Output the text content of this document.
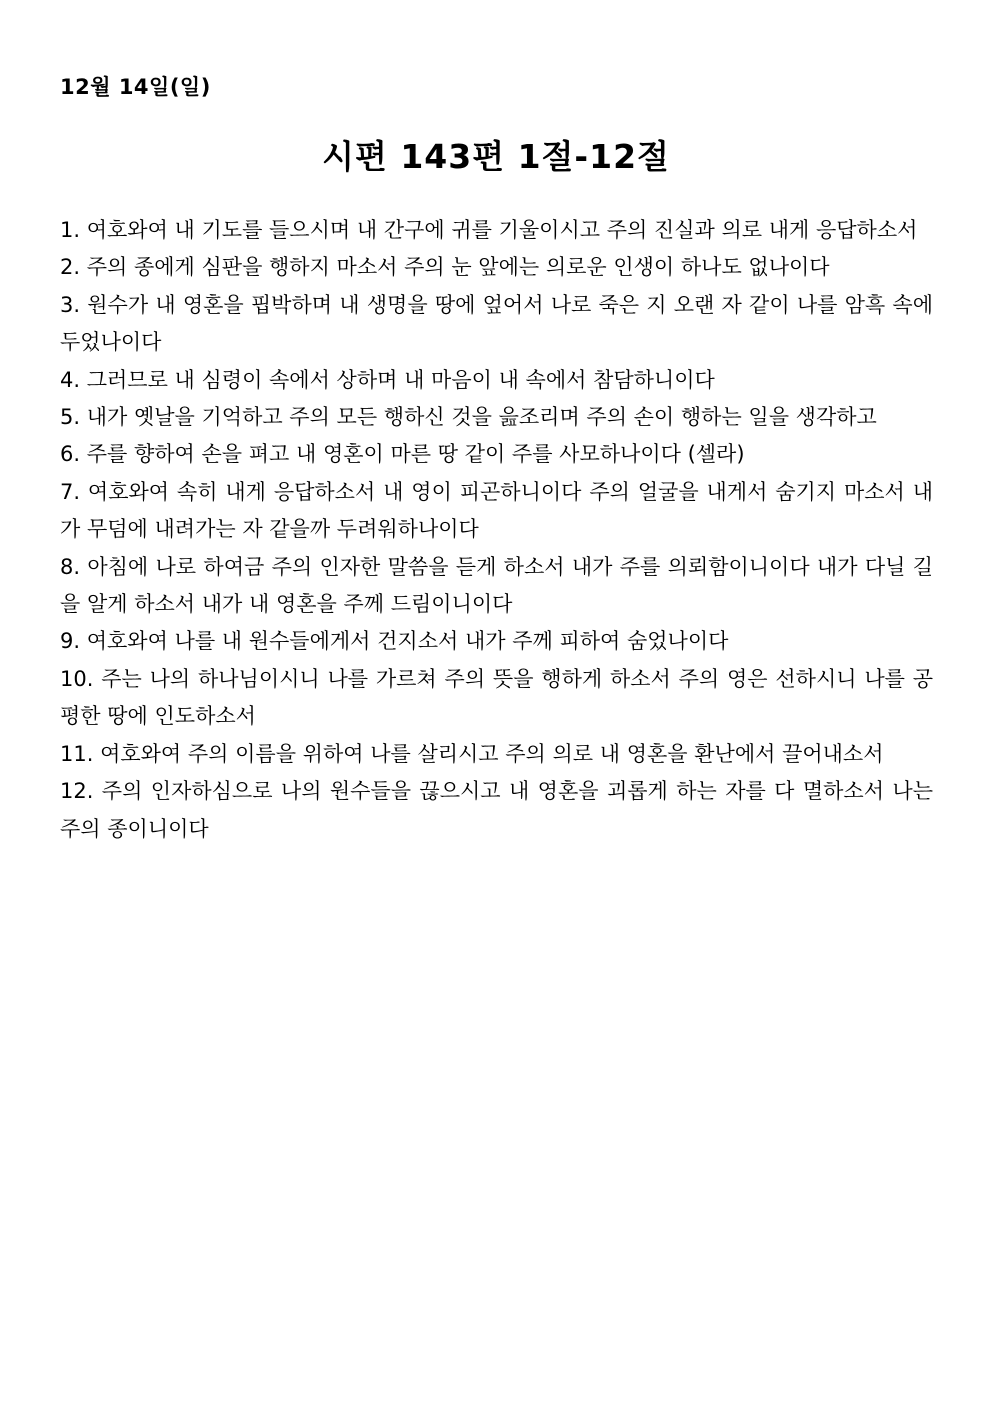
12월 14일(일)
시편 143편 1절-12절

1. 여호와여 내 기도를 들으시며 내 간구에 귀를 기울이시고 주의 진실과 의로 내게 응답하소서

2. 주의 종에게 심판을 행하지 마소서 주의 눈 앞에는 의로운 인생이 하나도 없나이다

3. 원수가 내 영혼을 핍박하며 내 생명을 땅에 엎어서 나로 죽은 지 오랜 자 같이 나를 암흑 속에 두었나이다

4. 그러므로 내 심령이 속에서 상하며 내 마음이 내 속에서 참담하니이다

5. 내가 옛날을 기억하고 주의 모든 행하신 것을 읊조리며 주의 손이 행하는 일을 생각하고

6. 주를 향하여 손을 펴고 내 영혼이 마른 땅 같이 주를 사모하나이다 (셀라)

7. 여호와여 속히 내게 응답하소서 내 영이 피곤하니이다 주의 얼굴을 내게서 숨기지 마소서 내가 무덤에 내려가는 자 같을까 두려워하나이다

8. 아침에 나로 하여금 주의 인자한 말씀을 듣게 하소서 내가 주를 의뢰함이니이다 내가 다닐 길을 알게 하소서 내가 내 영혼을 주께 드림이니이다

9. 여호와여 나를 내 원수들에게서 건지소서 내가 주께 피하여 숨었나이다

10. 주는 나의 하나님이시니 나를 가르쳐 주의 뜻을 행하게 하소서 주의 영은 선하시니 나를 공평한 땅에 인도하소서

11. 여호와여 주의 이름을 위하여 나를 살리시고 주의 의로 내 영혼을 환난에서 끌어내소서

12. 주의 인자하심으로 나의 원수들을 끊으시고 내 영혼을 괴롭게 하는 자를 다 멸하소서 나는 주의 종이니이다
